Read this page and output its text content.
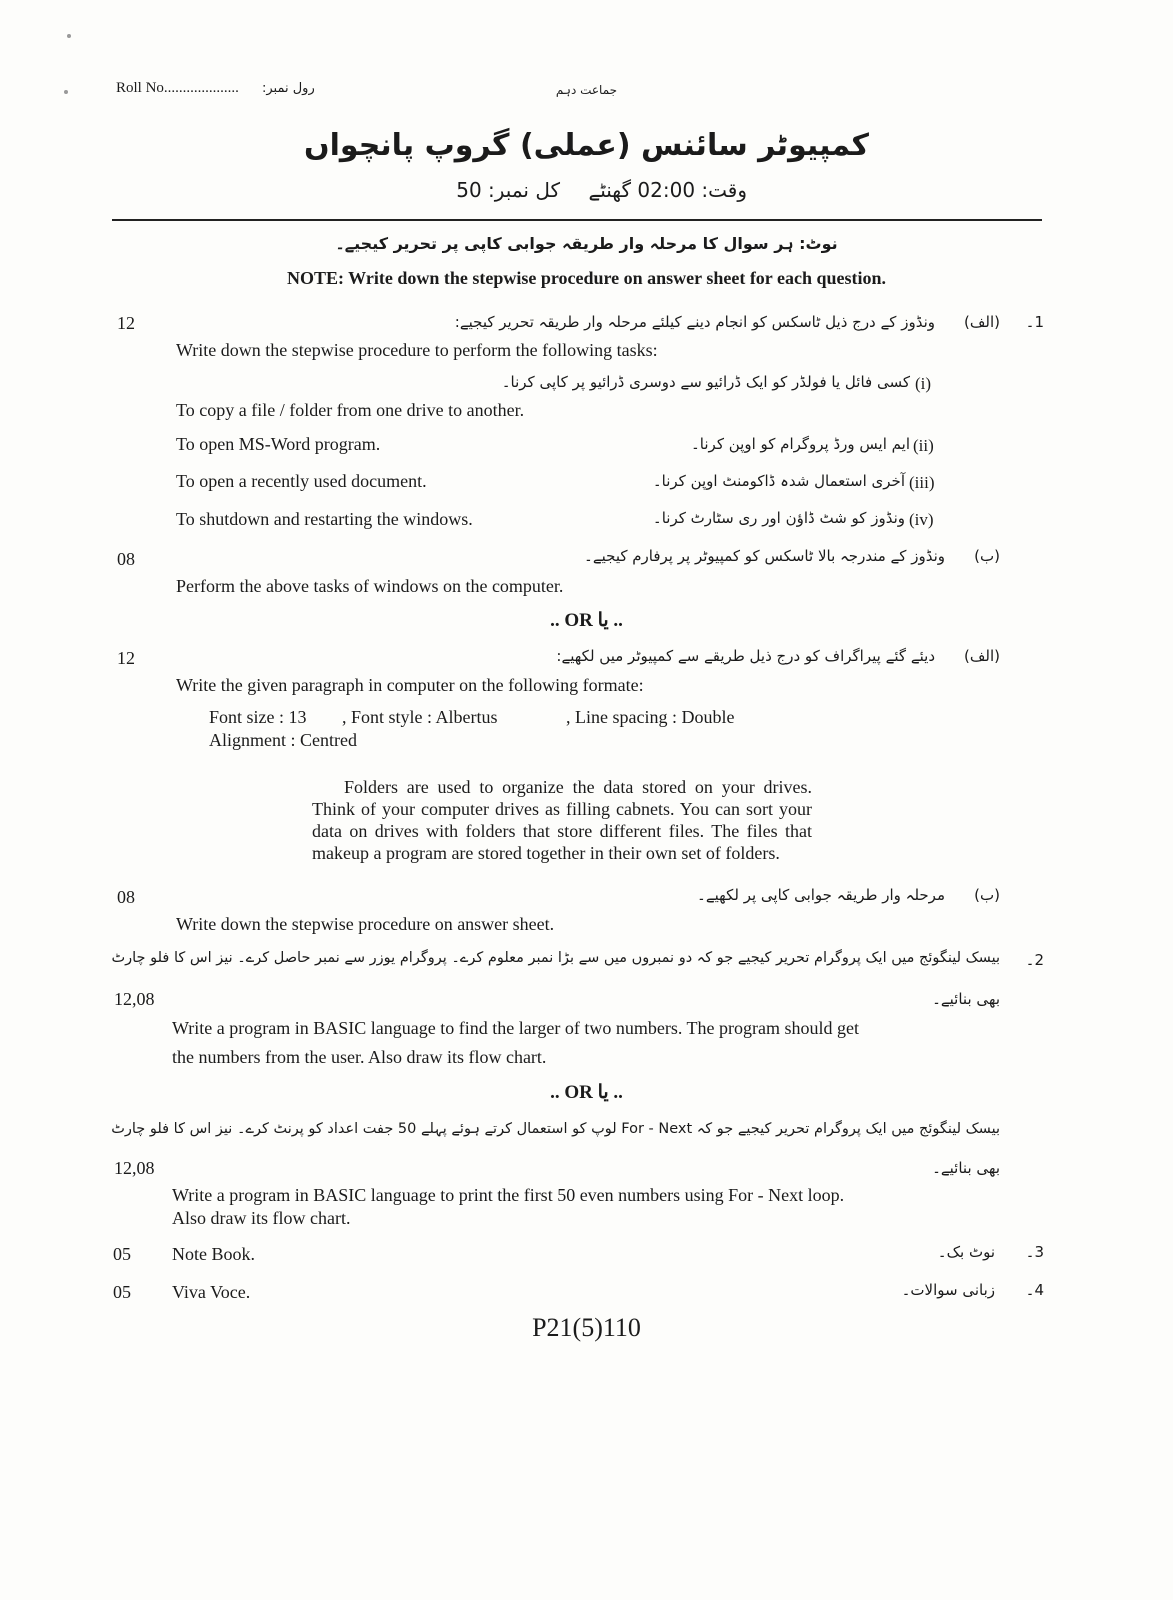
Roll No.................... رول نمبر:	جماعت دہم
کمپیوٹر سائنس (عملی) گروپ پانچواں
وقت: 02:00 گھنٹے
کل نمبر: 50
نوٹ: ہر سوال کا مرحلہ وار طریقہ جوابی کاپی پر تحریر کیجیے۔
NOTE: Write down the stepwise procedure on answer sheet for each question.
12	1۔
(الف)
ونڈوز کے درج ذیل ٹاسکس کو انجام دینے کیلئے مرحلہ وار طریقہ تحریر کیجیے:
Write down the stepwise procedure to perform the following tasks:
(i)
کسی فائل یا فولڈر کو ایک ڈرائیو سے دوسری ڈرائیو پر کاپی کرنا۔
To copy a file / folder from one drive to another.
(ii)
ایم ایس ورڈ پروگرام کو اوپن کرنا۔
To open MS-Word program.
(iii)
آخری استعمال شدہ ڈاکومنٹ اوپن کرنا۔
To open a recently used document.
(iv)
ونڈوز کو شٹ ڈاؤن اور ری سٹارٹ کرنا۔
To shutdown and restarting the windows.
08	(ب)
ونڈوز کے مندرجہ بالا ٹاسکس کو کمپیوٹر پر پرفارم کیجیے۔
Perform the above tasks of windows on the computer.
.. OR یا ..
12	(الف)
دیئے گئے پیراگراف کو درج ذیل طریقے سے کمپیوٹر میں لکھیے:
Write the given paragraph in computer on the following formate:
Font size : 13 , Font style : Albertus	, Line spacing : Double
Alignment : Centred
Folders are used to organize the data stored on your drives. Think of your computer drives as filling cabnets. You can sort your data on drives with folders that store different files. The files that makeup a program are stored together in their own set of folders.
08	(ب)
مرحلہ وار طریقہ جوابی کاپی پر لکھیے۔
Write down the stepwise procedure on answer sheet.
2۔
بیسک لینگوئج میں ایک پروگرام تحریر کیجیے جو کہ دو نمبروں میں سے بڑا نمبر معلوم کرے۔ پروگرام یوزر سے نمبر حاصل کرے۔ نیز اس کا فلو چارٹ
بھی بنائیے۔
12,08
Write a program in BASIC language to find the larger of two numbers. The program should get
the numbers from the user. Also draw its flow chart.
.. OR یا ..
بیسک لینگوئج میں ایک پروگرام تحریر کیجیے جو کہ For - Next لوپ کو استعمال کرتے ہوئے پہلے 50 جفت اعداد کو پرنٹ کرے۔ نیز اس کا فلو چارٹ
بھی بنائیے۔
12,08
Write a program in BASIC language to print the first 50 even numbers using For - Next loop.
Also draw its flow chart.
05 Note Book.	نوٹ بک۔	3۔
05 Viva Voce.	زبانی سوالات۔	4۔
P21(5)110
